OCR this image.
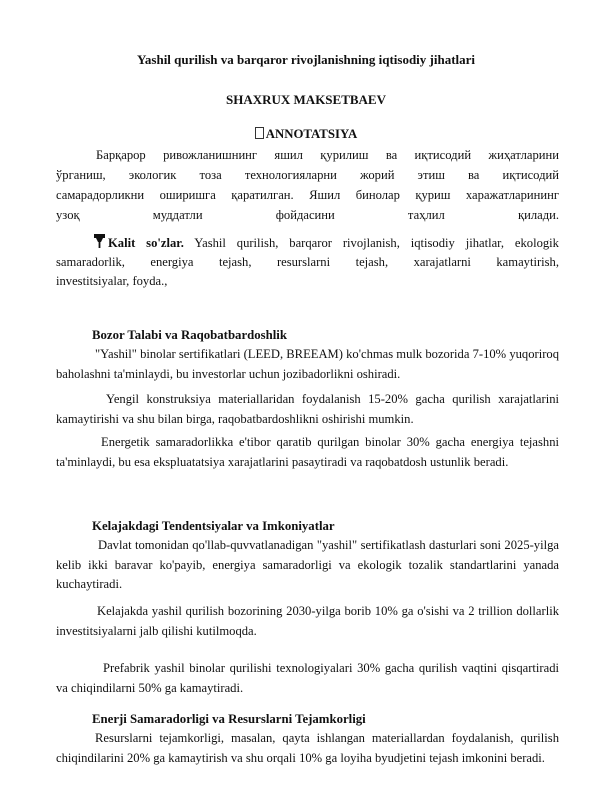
Yashil qurilish va barqaror rivojlanishning iqtisodiy jihatlari
SHAXRUX MAKSETBAEV
ANNOTATSIYA
Барқарор ривожланишнинг яшил қурилиш ва иқтисодий жиҳатларини
ўрганиш, экологик тоза технологияларни жорий этиш ва иқтисодий
самарадорликни оширишга қаратилган. Яшил бинолар қуриш харажатларининг
узоқ муддатли фойдасини таҳлил қилади.
Kalit so'zlar. Yashil qurilish, barqaror rivojlanish, iqtisodiy jihatlar, ekologik
samaradorlik, energiya tejash, resurslarni tejash, xarajatlarni kamaytirish,
investitsiyalar, foyda.,
Bozor Talabi va Raqobatbardoshlik
"Yashil" binolar sertifikatlari (LEED, BREEAM) ko'chmas mulk bozorida 7-10% yuqoriroq baholashni ta'minlaydi, bu investorlar uchun jozibadorlikni oshiradi.
Yengil konstruksiya materiallaridan foydalanish 15-20% gacha qurilish xarajatlarini kamaytirishi va shu bilan birga, raqobatbardoshlikni oshirishi mumkin.
Energetik samaradorlikka e'tibor qaratib qurilgan binolar 30% gacha energiya tejashni ta'minlaydi, bu esa ekspluatatsiya xarajatlarini pasaytiradi va raqobatdosh ustunlik beradi.
Kelajakdagi Tendentsiyalar va Imkoniyatlar
Davlat tomonidan qo'llab-quvvatlanadigan "yashil" sertifikatlash dasturlari soni 2025-yilga kelib ikki baravar ko'payib, energiya samaradorligi va ekologik tozalik standartlarini yanada kuchaytiradi.
Kelajakda yashil qurilish bozorining 2030-yilga borib 10% ga o'sishi va 2 trillion dollarlik investitsiyalarni jalb qilishi kutilmoqda.
Prefabrik yashil binolar qurilishi texnologiyalari 30% gacha qurilish vaqtini qisqartiradi va chiqindilarni 50% ga kamaytiradi.
Enerji Samaradorligi va Resurslarni Tejamkorligi
Resurslarni tejamkorligi, masalan, qayta ishlangan materiallardan foydalanish, qurilish chiqindilarini 20% ga kamaytirish va shu orqali 10% ga loyiha byudjetini tejash imkonini beradi.
